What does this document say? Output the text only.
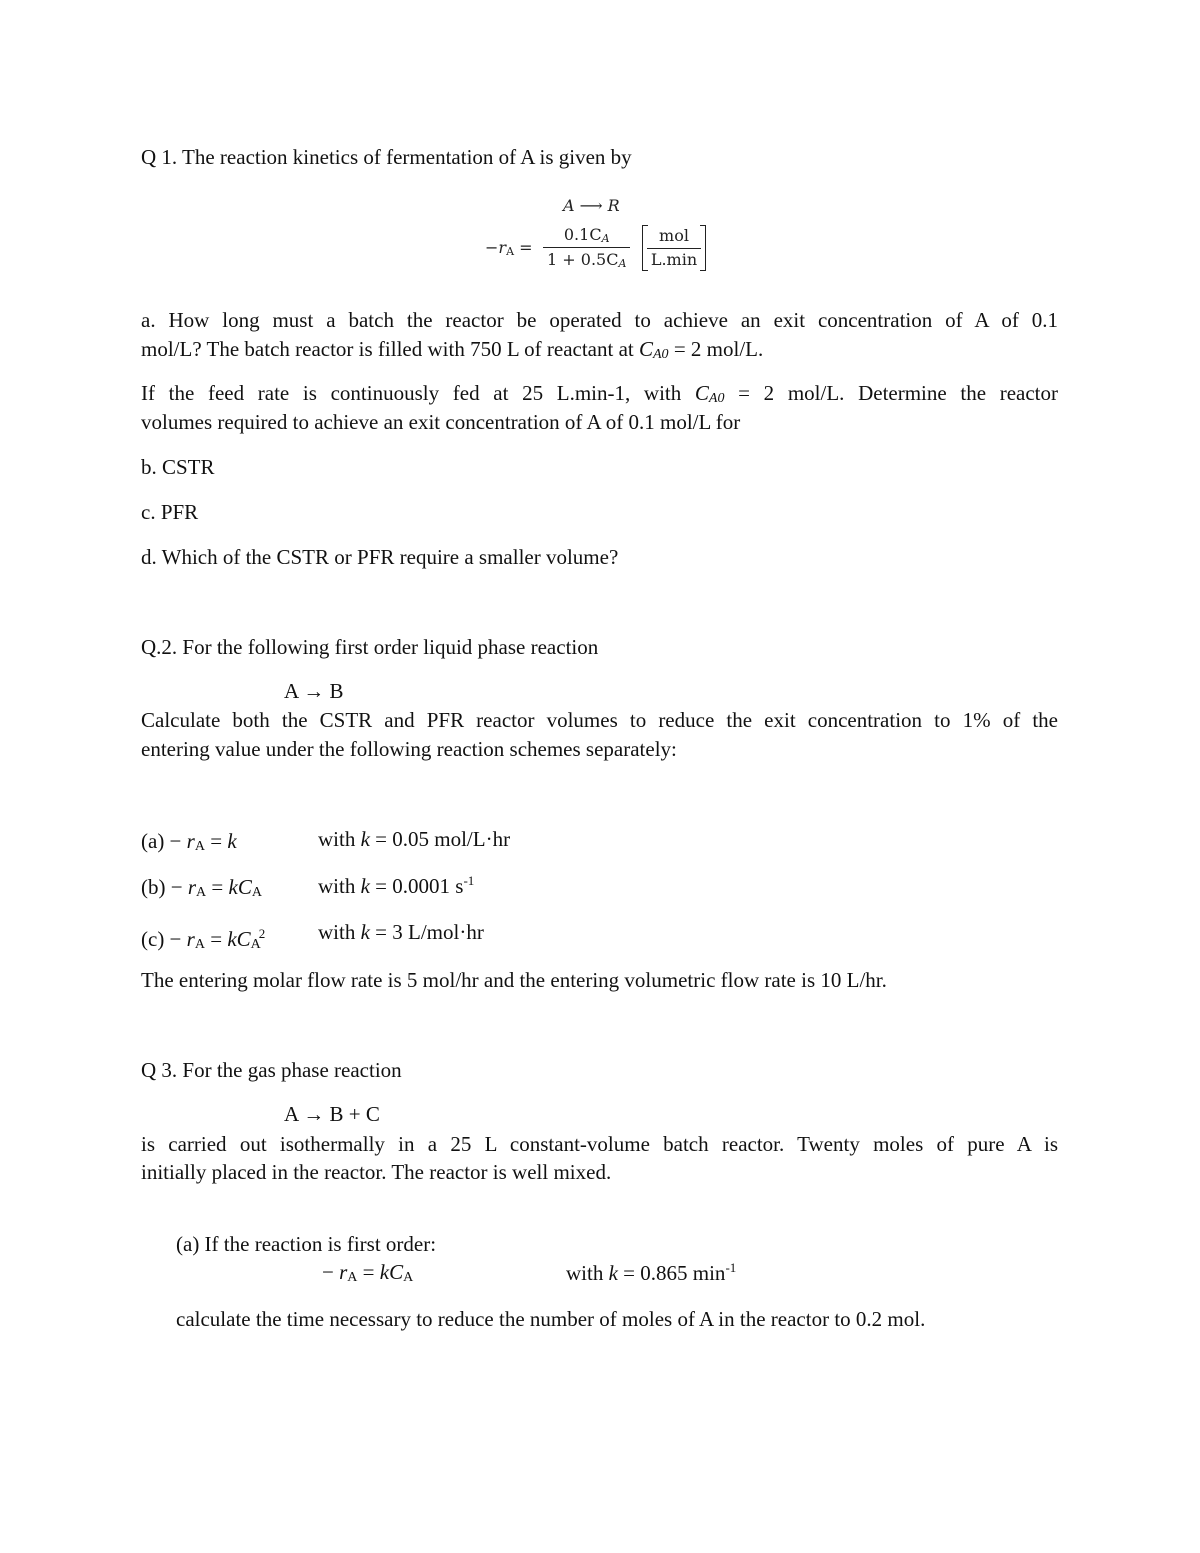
Q 1. The reaction kinetics of fermentation of A is given by
A ⟶ R
$-r_A = \frac{0.1C_A}{1 + 0.5C_A}$	mol
L.min
a. How long must a batch the reactor be operated to achieve an exit concentration of A of 0.1
mol/L? The batch reactor is filled with 750 L of reactant at $C_{A0} = 2$ mol/L.
If the feed rate is continuously fed at 25 L.min-1, with $C_{A0} = 2$ mol/L. Determine the reactor
volumes required to achieve an exit concentration of A of 0.1 mol/L for
b. CSTR
c. PFR
d. Which of the CSTR or PFR require a smaller volume?
Q.2. For the following first order liquid phase reaction
A → B
Calculate both the CSTR and PFR reactor volumes to reduce the exit concentration to 1% of the
entering value under the following reaction schemes separately:
$(a) - r_A = k$	with k = 0.05 mol/L·hr
$(b) - r_A = kC_A$	with k = 0.0001 $s^{-1}$
$(c) - r_A = kC_A^2$	with k = 3 L/mol·hr
The entering molar flow rate is 5 mol/hr and the entering volumetric flow rate is 10 L/hr.
Q 3. For the gas phase reaction
A → B + C
is carried out isothermally in a 25 L constant-volume batch reactor. Twenty moles of pure A is
initially placed in the reactor. The reactor is well mixed.
(a) If the reaction is first order:
− $r_A = kC_A$	with k = 0.865 $\min^{-1}$
calculate the time necessary to reduce the number of moles of A in the reactor to 0.2 mol.
